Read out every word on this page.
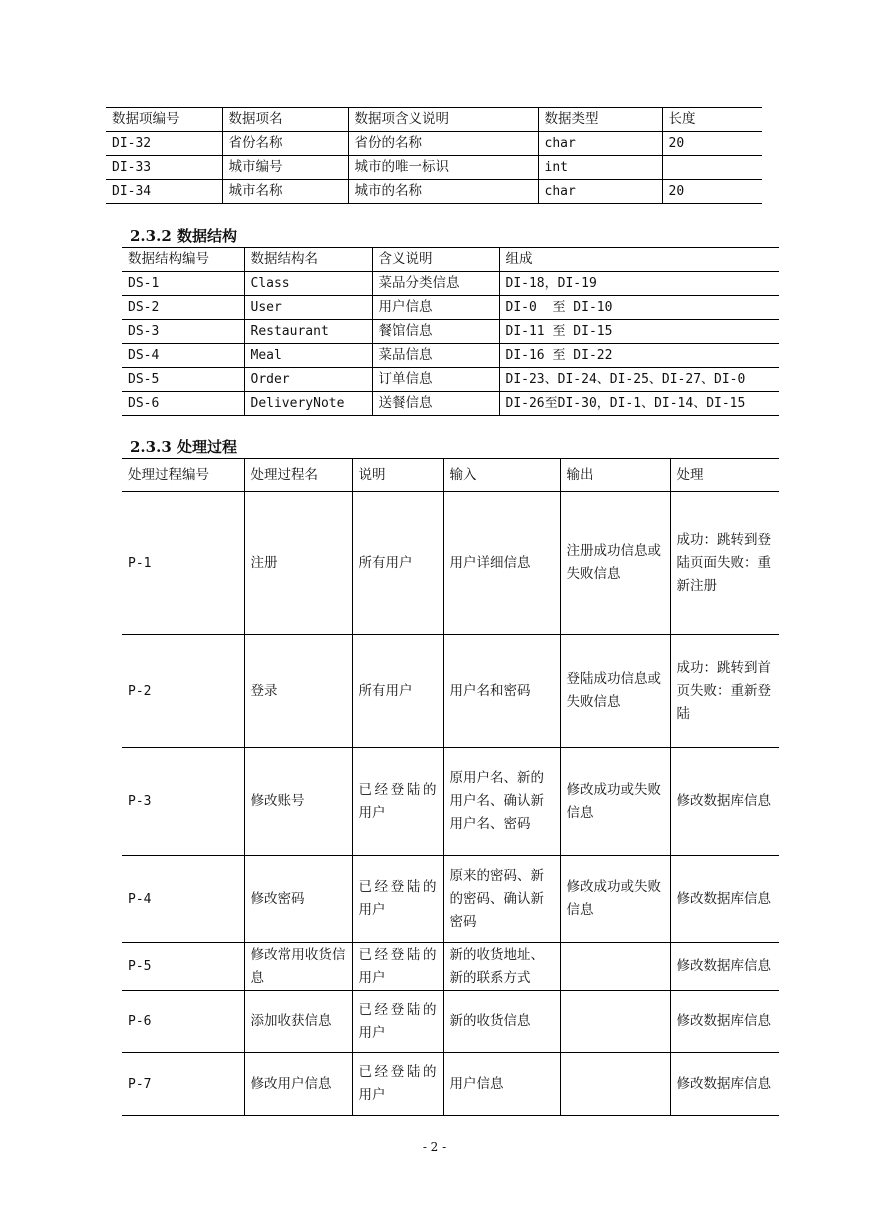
数据项编号	数据项名	数据项含义说明	数据类型	长度
DI-32	省份名称	省份的名称	char	20
DI-33	城市编号	城市的唯一标识	int	
DI-34	城市名称	城市的名称	char	20
2.3.2 数据结构
数据结构编号	数据结构名	含义说明	组成
DS-1	Class	菜品分类信息	DI-18，DI-19
DS-2	User	用户信息	DI-0  至 DI-10
DS-3	Restaurant	餐馆信息	DI-11 至 DI-15
DS-4	Meal	菜品信息	DI-16 至 DI-22
DS-5	Order	订单信息	DI-23、DI-24、DI-25、DI-27、DI-0
DS-6	DeliveryNote	送餐信息	DI-26至DI-30，DI-1、DI-14、DI-15
2.3.3 处理过程
处理过程编号	处理过程名	说明	输入	输出	处理
P-1	注册	所有用户	用户详细信息	注册成功信息或失败信息	成功：跳转到登陆页面失败：重新注册
P-2	登录	所有用户	用户名和密码	登陆成功信息或失败信息	成功：跳转到首页失败：重新登陆
P-3	修改账号	已经登陆的用户	原用户名、新的用户名、确认新用户名、密码	修改成功或失败信息	修改数据库信息
P-4	修改密码	已经登陆的用户	原来的密码、新的密码、确认新密码	修改成功或失败信息	修改数据库信息
P-5	修改常用收货信息	已经登陆的用户	新的收货地址、新的联系方式		修改数据库信息
P-6	添加收获信息	已经登陆的用户	新的收货信息		修改数据库信息
P-7	修改用户信息	已经登陆的用户	用户信息		修改数据库信息
- 2 -
